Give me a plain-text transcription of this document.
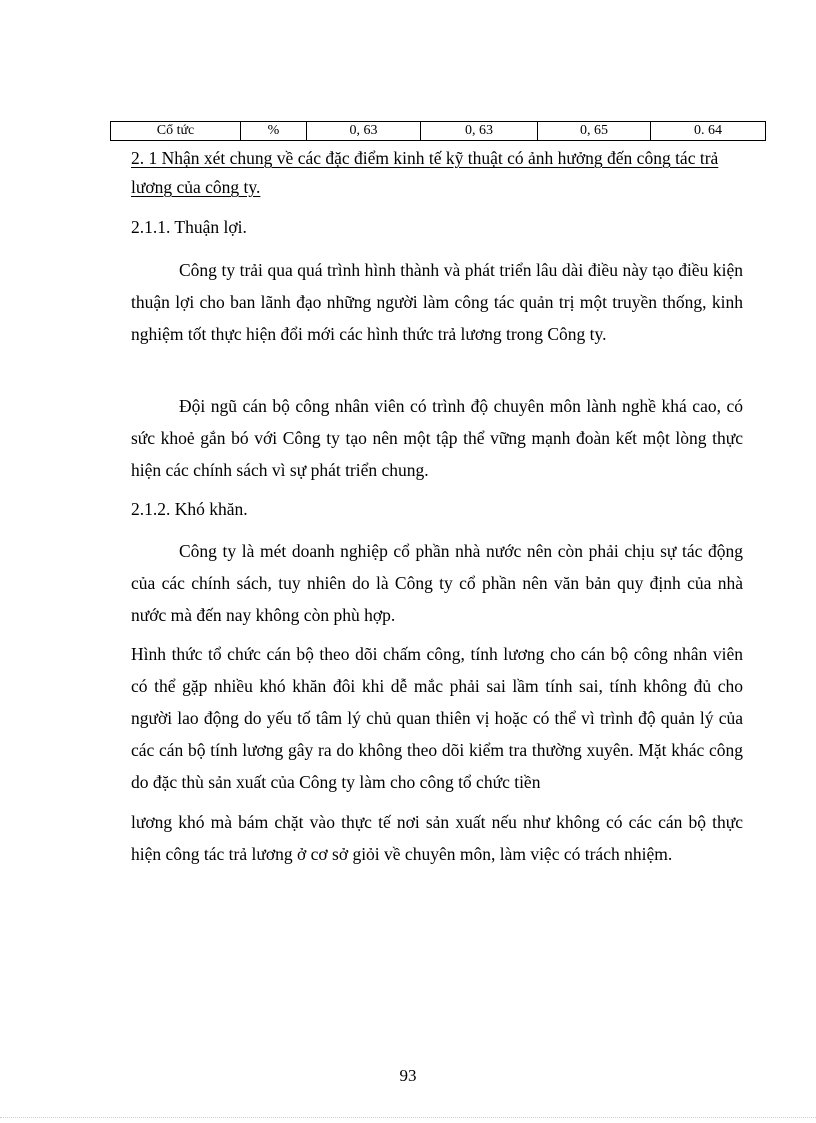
Cổ tức	%	0, 63	0, 63	0, 65	0. 64

2. 1 Nhận xét chung về các đặc điểm kinh tế kỹ thuật có ảnh hưởng đến công tác trả lương của công ty.

2.1.1. Thuận lợi.

Công ty trải qua quá trình hình thành và phát triển lâu dài điều này tạo điều kiện thuận lợi cho ban lãnh đạo những người làm công tác quản trị một truyền thống, kinh nghiệm tốt thực hiện đổi mới các hình thức trả lương trong Công ty.

Đội ngũ cán bộ công nhân viên có trình độ chuyên môn lành nghề khá cao, có sức khoẻ gắn bó với Công ty tạo nên một tập thể vững mạnh đoàn kết một lòng thực hiện các chính sách vì sự phát triển chung.

2.1.2. Khó khăn.

Công ty là mét doanh nghiệp cổ phần nhà nước nên còn phải chịu sự tác động của các chính sách, tuy nhiên do là Công ty cổ phần nên văn bản quy định của nhà nước mà đến nay không còn phù hợp.

Hình thức tổ chức cán bộ theo dõi chấm công, tính lương cho cán bộ công nhân viên có thể gặp nhiều khó khăn đôi khi dễ mắc phải sai lầm tính sai, tính không đủ cho người lao động do yếu tố tâm lý chủ quan thiên vị hoặc có thể vì trình độ quản lý của các cán bộ tính lương gây ra do không theo dõi kiểm tra thường xuyên. Mặt khác công do đặc thù sản xuất của Công ty làm cho công tổ chức tiền

lương khó mà bám chặt vào thực tế nơi sản xuất nếu như không có các cán bộ thực hiện công tác trả lương ở cơ sở giỏi về chuyên môn, làm việc có trách nhiệm.

93
